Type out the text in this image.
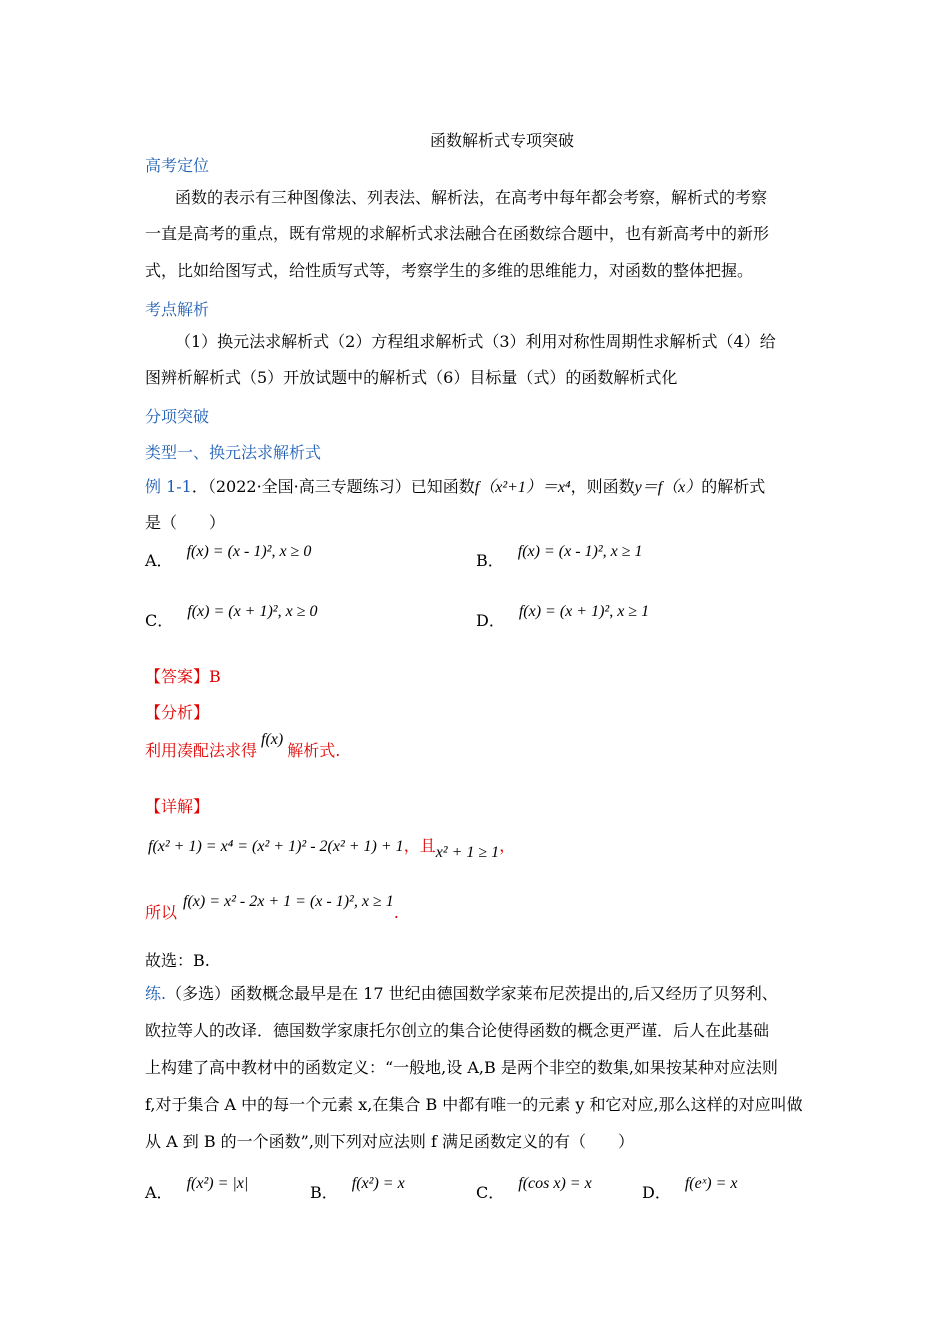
函数解析式专项突破
高考定位
函数的表示有三种图像法、列表法、解析法，在高考中每年都会考察，解析式的考察
一直是高考的重点，既有常规的求解析式求法融合在函数综合题中，也有新高考中的新形
式，比如给图写式，给性质写式等，考察学生的多维的思维能力，对函数的整体把握。
考点解析
（1）换元法求解析式（2）方程组求解析式（3）利用对称性周期性求解析式（4）给
图辨析解析式（5）开放试题中的解析式（6）目标量（式）的函数解析式化
分项突破
类型一、换元法求解析式
例 1-1．（2022·全国·高三专题练习）已知函数f（x²+1）＝x⁴，则函数y＝f（x）的解析式
是（　　）
A． f(x) = (x - 1)², x ≥ 0	B． f(x) = (x - 1)², x ≥ 1
C． f(x) = (x + 1)², x ≥ 0	D． f(x) = (x + 1)², x ≥ 1
【答案】B
【分析】
利用凑配法求得f(x)解析式.
【详解】
f(x² + 1) = x⁴ = (x² + 1)² - 2(x² + 1) + 1，且x² + 1 ≥ 1，
所以f(x) = x² - 2x + 1 = (x - 1)², x ≥ 1.
故选：B.
练.（多选）函数概念最早是在 17 世纪由德国数学家莱布尼茨提出的,后又经历了贝努利、
欧拉等人的改译．德国数学家康托尔创立的集合论使得函数的概念更严谨．后人在此基础
上构建了高中教材中的函数定义：“一般地,设 A,B 是两个非空的数集,如果按某种对应法则
f,对于集合 A 中的每一个元素 x,在集合 B 中都有唯一的元素 y 和它对应,那么这样的对应叫做
从 A 到 B 的一个函数”,则下列对应法则 f 满足函数定义的有（　　）
A． f(x²) = |x|	B． f(x²) = x	C． f(cos x) = x	D． f(eˣ) = x
